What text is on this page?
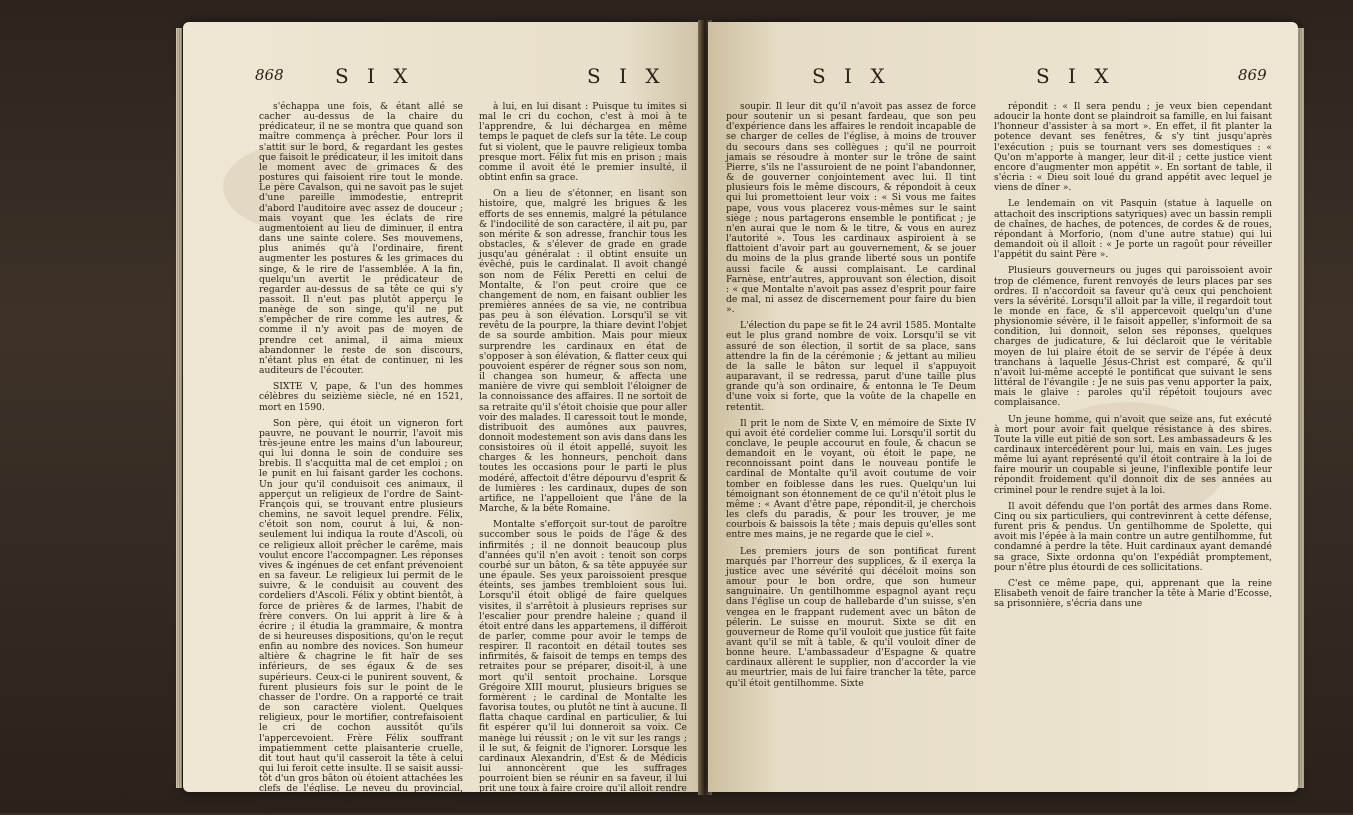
868	S I X	S I X

s'échappa une fois, & étant allé se cacher au-dessus de la chaire du prédicateur, il ne se montra que quand son maître commença à prêcher. Pour lors il s'attit sur le bord, & regardant les gestes que faisoit le prédicateur, il les imitoit dans le moment avec de grimaces & des postures qui faisoient rire tout le monde. Le père Cavalson, qui ne savoit pas le sujet d'une pareille immodestie, entreprit d'abord l'auditoire avec assez de douceur ; mais voyant que les éclats de rire augmentoient au lieu de diminuer, il entra dans une sainte colere. Ses mouvemens, plus animés qu'à l'ordinaire, firent augmenter les postures & les grimaces du singe, & le rire de l'assemblée. A la fin, quelqu'un avertit le prédicateur de regarder au-dessus de sa tête ce qui s'y passoit. Il n'eut pas plutôt apperçu le manège de son singe, qu'il ne put s'empêcher de rire comme les autres, & comme il n'y avoit pas de moyen de prendre cet animal, il aima mieux abandonner le reste de son discours, n'étant plus en état de continuer, ni les auditeurs de l'écouter.

SIXTE V, pape, & l'un des hommes célèbres du seizième siècle, né en 1521, mort en 1590.

Son père, qui étoit un vigneron fort pauvre, ne pouvant le nourrir, l'avoit mis très-jeune entre les mains d'un laboureur, qui lui donna le soin de conduire ses brebis. Il s'acquitta mal de cet emploi ; on le punit en lui faisant garder les cochons. Un jour qu'il conduisoit ces animaux, il apperçut un religieux de l'ordre de Saint-François qui, se trouvant entre plusieurs chemins, ne savoit lequel prendre. Félix, c'étoit son nom, courut à lui, & non-seulement lui indiqua la route d'Ascoli, où ce religieux alloit prêcher le carême, mais voulut encore l'accompagner. Les réponses vives & ingénues de cet enfant prévenoient en sa faveur. Le religieux lui permit de le suivre, & le conduisit au couvent des cordeliers d'Ascoli. Félix y obtint bientôt, à force de prières & de larmes, l'habit de frère convers. On lui apprit à lire & à écrire ; il étudia la grammaire, & montra de si heureuses dispositions, qu'on le reçut enfin au nombre des novices. Son humeur altière & chagrine le fit haïr de ses inférieurs, de ses égaux & de ses supérieurs. Ceux-ci le punirent souvent, & furent plusieurs fois sur le point de le chasser de l'ordre. On a rapporté ce trait de son caractère violent. Quelques religieux, pour le mortifier, contrefaisoient le cri de cochon aussitôt qu'ils l'appercevoient. Frère Félix souffrant impatiemment cette plaisanterie cruelle, dit tout haut qu'il casseroit la tête à celui qui lui feroit cette insulte. Il se saisit aussi-tôt d'un gros bâton où étoient attachées les clefs de l'église. Le neveu du provincial, peu effrayé de ces menaces, s'avisa de répéter les mêmes cris. Frère Félix courut

à lui, en lui disant : Puisque tu imites si mal le cri du cochon, c'est à moi à te l'apprendre, & lui déchargea en même temps le paquet de clefs sur la tête. Le coup fut si violent, que le pauvre religieux tomba presque mort. Félix fut mis en prison ; mais comme il avoit été le premier insulté, il obtint enfin sa grace.

On a lieu de s'étonner, en lisant son histoire, que, malgré les brigues & les efforts de ses ennemis, malgré la pétulance & l'indocilité de son caractère, il ait pu, par son mérite & son adresse, franchir tous les obstacles, & s'élever de grade en grade jusqu'au généralat : il obtint ensuite un évêché, puis le cardinalat. Il avoit changé son nom de Félix Peretti en celui de Montalte, & l'on peut croire que ce changement de nom, en faisant oublier les premières années de sa vie, ne contribua pas peu à son élévation. Lorsqu'il se vit revêtu de la pourpre, la thiare devint l'objet de sa sourde ambition. Mais pour mieux surprendre les cardinaux en état de s'opposer à son élévation, & flatter ceux qui pouvoient espérer de régner sous son nom, il changea son humeur, & affecta une manière de vivre qui sembloit l'éloigner de la connoissance des affaires. Il ne sortoit de sa retraite qu'il s'étoit choisie que pour aller voir des malades. Il caressoit tout le monde, distribuoit des aumônes aux pauvres, donnoit modestement son avis dans dans les consistoires où il étoit appellé, suyoit les charges & les honneurs, penchoit dans toutes les occasions pour le parti le plus modéré, affectoit d'être dépourvu d'esprit & de lumières : les cardinaux, dupes de son artifice, ne l'appelloient que l'âne de la Marche, & la bête Romaine.

Montalte s'efforçoit sur-tout de paroître succomber sous le poids de l'âge & des infirmités ; il ne donnoit beaucoup plus d'années qu'il n'en avoit : tenoit son corps courbé sur un bâton, & sa tête appuyée sur une épaule. Ses yeux paroissoient presque éteints, ses jambes trembloient sous lui. Lorsqu'il étoit obligé de faire quelques visites, il s'arrêtoit à plusieurs reprises sur l'escalier pour prendre haleine ; quand il étoit entré dans les appartemens, il différoit de parler, comme pour avoir le temps de respirer. Il racontoit en détail toutes ses infirmités, & faisoit de temps en temps des retraites pour se préparer, disoit-il, à une mort qu'il sentoit prochaine. Lorsque Grégoire XIII mourut, plusieurs brigues se formèrent ; le cardinal de Montalte les favorisa toutes, ou plutôt ne tint à aucune. Il flatta chaque cardinal en particulier, & lui fit espérer qu'il lui donneroit sa voix. Ce manège lui réussit ; on le vit sur les rangs ; il le sut, & feignit de l'ignorer. Lorsque les cardinaux Alexandrin, d'Est & de Médicis lui annoncèrent que les suffrages pourroient bien se réunir en sa faveur, il lui prit une toux à faire croire qu'il alloit rendre le dernier

S I X	S I X	869

soupir. Il leur dit qu'il n'avoit pas assez de force pour soutenir un si pesant fardeau, que son peu d'expérience dans les affaires le rendoit incapable de se charger de celles de l'église, à moins de trouver du secours dans ses collègues ; qu'il ne pourroit jamais se résoudre à monter sur le trône de saint Pierre, s'ils ne l'assuroient de ne point l'abandonner, & de gouverner conjointement avec lui. Il tint plusieurs fois le même discours, & répondoit à ceux qui lui promettoient leur voix : « Si vous me faites pape, vous vous placerez vous-mêmes sur le saint siège ; nous partagerons ensemble le pontificat ; je n'en aurai que le nom & le titre, & vous en aurez l'autorité ». Tous les cardinaux aspiroient à se flattoient d'avoir part au gouvernement, & se jouer du moins de la plus grande liberté sous un pontife aussi facile & aussi complaisant. Le cardinal Farnèse, entr'autres, approuvant son élection, disoit : « que Montalte n'avoit pas assez d'esprit pour faire de mal, ni assez de discernement pour faire du bien ».

L'élection du pape se fit le 24 avril 1585. Montalte eut le plus grand nombre de voix. Lorsqu'il se vit assuré de son élection, il sortit de sa place, sans attendre la fin de la cérémonie ; & jettant au milieu de la salle le bâton sur lequel il s'appuyoit auparavant, il se redressa, parut d'une taille plus grande qu'à son ordinaire, & entonna le Te Deum d'une voix si forte, que la voûte de la chapelle en retentit.

Il prit le nom de Sixte V, en mémoire de Sixte IV qui avoit été cordelier comme lui. Lorsqu'il sortit du conclave, le peuple accourut en foule, & chacun se demandoit en le voyant, où étoit le pape, ne reconnoissant point dans le nouveau pontife le cardinal de Montalte qu'il avoit coutume de voir tomber en foiblesse dans les rues. Quelqu'un lui témoignant son étonnement de ce qu'il n'étoit plus le même : « Avant d'être pape, répondit-il, je cherchois les clefs du paradis, & pour les trouver, je me courbois & baissois la tête ; mais depuis qu'elles sont entre mes mains, je ne regarde que le ciel ».

Les premiers jours de son pontificat furent marqués par l'horreur des supplices, & il exerça la justice avec une sévérité qui décéloit moins son amour pour le bon ordre, que son humeur sanguinaire. Un gentilhomme espagnol ayant reçu dans l'église un coup de hallebarde d'un suisse, s'en vengea en le frappant rudement avec un bâton de pélerin. Le suisse en mourut. Sixte se dit en gouverneur de Rome qu'il vouloit que justice fût faite avant qu'il se mît à table, & qu'il vouloit dîner de bonne heure. L'ambassadeur d'Espagne & quatre cardinaux allèrent le supplier, non d'accorder la vie au meurtrier, mais de lui faire trancher la tête, parce qu'il étoit gentilhomme. Sixte

répondit : « Il sera pendu ; je veux bien cependant adoucir la honte dont se plaindroit sa famille, en lui faisant l'honneur d'assister à sa mort ». En effet, il fit planter la potence devant ses fenêtres, & s'y tint jusqu'après l'exécution ; puis se tournant vers ses domestiques : « Qu'on m'apporte à manger, leur dit-il ; cette justice vient encore d'augmenter mon appétit ». En sortant de table, il s'écria : « Dieu soit loué du grand appétit avec lequel je viens de dîner ».

Le lendemain on vit Pasquin (statue à laquelle on attachoit des inscriptions satyriques) avec un bassin rempli de chaînes, de haches, de potences, de cordes & de roues, répondant à Morforio, (nom d'une autre statue) qui lui demandoit où il alloit : « Je porte un ragoût pour réveiller l'appétit du saint Père ».

Plusieurs gouverneurs ou juges qui paroissoient avoir trop de clémence, furent renvoyés de leurs places par ses ordres. Il n'accordoit sa faveur qu'à ceux qui penchoient vers la sévérité. Lorsqu'il alloit par la ville, il regardoit tout le monde en face, & s'il appercevoit quelqu'un d'une physionomie sévère, il le faisoit appeller, s'informoit de sa condition, lui donnoit, selon ses réponses, quelques charges de judicature, & lui déclaroit que le véritable moyen de lui plaire étoit de se servir de l'épée à deux tranchans à laquelle Jésus-Christ est comparé, & qu'il n'avoit lui-même accepté le pontificat que suivant le sens littéral de l'évangile : Je ne suis pas venu apporter la paix, mais le glaive : paroles qu'il répétoit toujours avec complaisance.

Un jeune homme, qui n'avoit que seize ans, fut exécuté à mort pour avoir fait quelque résistance à des sbires. Toute la ville eut pitié de son sort. Les ambassadeurs & les cardinaux intercédèrent pour lui, mais en vain. Les juges même lui ayant représenté qu'il étoit contraire à la loi de faire mourir un coupable si jeune, l'inflexible pontife leur répondit froidement qu'il donnoit dix de ses années au criminel pour le rendre sujet à la loi.

Il avoit défendu que l'on portât des armes dans Rome. Cinq ou six particuliers, qui contrevinrent à cette défense, furent pris & pendus. Un gentilhomme de Spolette, qui avoit mis l'épée à la main contre un autre gentilhomme, fut condamné à perdre la tête. Huit cardinaux ayant demandé sa grace, Sixte ordonna qu'on l'expédiât promptement, pour n'être plus étourdi de ces sollicitations.

C'est ce même pape, qui, apprenant que la reine Elisabeth venoit de faire trancher la tête à Marie d'Ecosse, sa prisonnière, s'écria dans une
